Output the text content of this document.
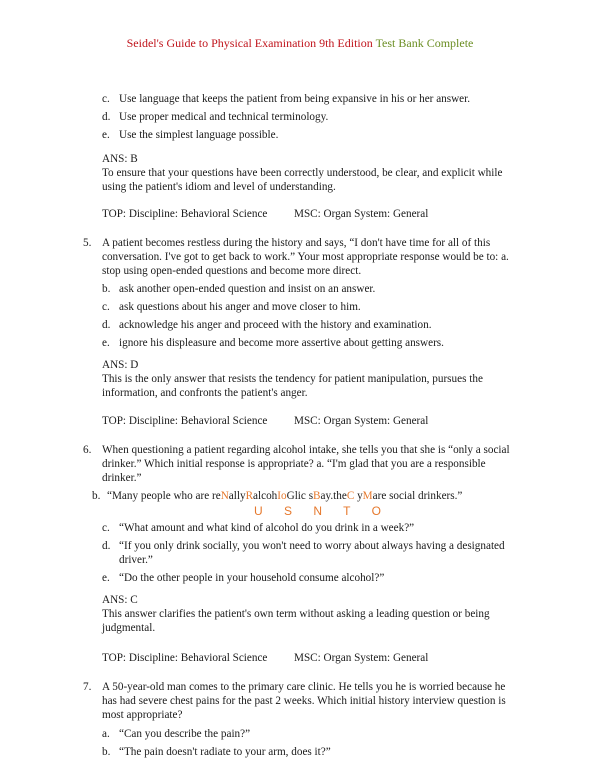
Seidel's Guide to Physical Examination 9th Edition Test Bank Complete
c. Use language that keeps the patient from being expansive in his or her answer.
d. Use proper medical and technical terminology.
e. Use the simplest language possible.
ANS: B
To ensure that your questions have been correctly understood, be clear, and explicit while
using the patient's idiom and level of understanding.
TOP: Discipline: Behavioral Science MSC: Organ System: General
5. A patient becomes restless during the history and says, “I don't have time for all of this
conversation. I've got to get back to work.” Your most appropriate response would be to: a.
stop using open-ended questions and become more direct.
b. ask another open-ended question and insist on an answer.
c. ask questions about his anger and move closer to him.
d. acknowledge his anger and proceed with the history and examination.
e. ignore his displeasure and become more assertive about getting answers.
ANS: D
This is the only answer that resists the tendency for patient manipulation, pursues the
information, and confronts the patient's anger.
TOP: Discipline: Behavioral Science MSC: Organ System: General
6. When questioning a patient regarding alcohol intake, she tells you that she is “only a social
drinker.” Which initial response is appropriate? a. “I'm glad that you are a responsible
drinker.”
b. “Many people who are reNallyRalcohIoGlic sBay.theC yMare social drinkers.”
U S N T O
c. “What amount and what kind of alcohol do you drink in a week?”
d. “If you only drink socially, you won't need to worry about always having a designated
driver.”
e. “Do the other people in your household consume alcohol?”
ANS: C
This answer clarifies the patient's own term without asking a leading question or being
judgmental.
TOP: Discipline: Behavioral Science MSC: Organ System: General
7. A 50-year-old man comes to the primary care clinic. He tells you he is worried because he
has had severe chest pains for the past 2 weeks. Which initial history interview question is
most appropriate?
a. “Can you describe the pain?”
b. “The pain doesn't radiate to your arm, does it?”
